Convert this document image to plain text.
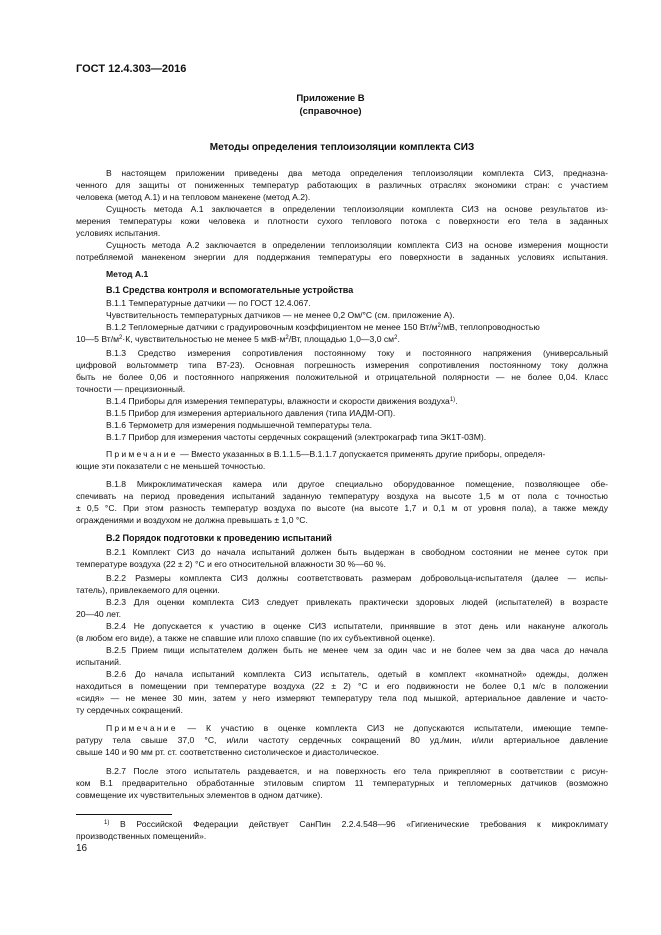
ГОСТ 12.4.303—2016
Приложение В
(справочное)
Методы определения теплоизоляции комплекта СИЗ
В настоящем приложении приведены два метода определения теплоизоляции комплекта СИЗ, предназна-
ченного для защиты от пониженных температур работающих в различных отраслях экономики стран: с участием
человека (метод А.1) и на тепловом манекене (метод А.2).
Сущность метода А.1 заключается в определении теплоизоляции комплекта СИЗ на основе результатов из-
мерения температуры кожи человека и плотности сухого теплового потока с поверхности его тела в заданных
условиях испытания.
Сущность метода А.2 заключается в определении теплоизоляции комплекта СИЗ на основе измерения мощности
потребляемой манекеном энергии для поддержания температуры его поверхности в заданных условиях испытания.
Метод А.1
В.1 Средства контроля и вспомогательные устройства
В.1.1 Температурные датчики — по ГОСТ 12.4.067.
Чувствительность температурных датчиков — не менее 0,2 Ом/°С (см. приложение А).
В.1.2 Тепломерные датчики с градуировочным коэффициентом не менее 150 $Вт/м^2/мВ$, теплопроводностью
10—5 $Вт/м^2\cdot К$, чувствительностью не менее 5 $мкВ\cdot м^2/Вт$, площадью 1,0—3,0 $см^2$.
В.1.3 Средство измерения сопротивления постоянному току и постоянного напряжения (универсальный
цифровой вольтомметр типа В7-23). Основная погрешность измерения сопротивления постоянному току должна
быть не более 0,06 и постоянного напряжения положительной и отрицательной полярности — не более 0,04. Класс
точности — прецизионный.
В.1.4 Приборы для измерения температуры, влажности и скорости движения воздуха$^{1)}$.
В.1.5 Прибор для измерения артериального давления (типа ИАДМ-ОП).
В.1.6 Термометр для измерения подмышечной температуры тела.
В.1.7 Прибор для измерения частоты сердечных сокращений (электрокаграф типа ЭК1Т-03М).
Примечание — Вместо указанных в В.1.1.5—В.1.1.7 допускается применять другие приборы, определя-
ющие эти показатели с не меньшей точностью.
В.1.8 Микроклиматическая камера или другое специально оборудованное помещение, позволяющее обе-
спечивать на период проведения испытаний заданную температуру воздуха на высоте 1,5 м от пола с точностью
± 0,5 °С. При этом разность температур воздуха по высоте (на высоте 1,7 и 0,1 м от уровня пола), а также между
ограждениями и воздухом не должна превышать ± 1,0 °С.
В.2 Порядок подготовки к проведению испытаний
В.2.1 Комплект СИЗ до начала испытаний должен быть выдержан в свободном состоянии не менее суток при
температуре воздуха (22 ± 2) °С и его относительной влажности 30 %—60 %.
В.2.2 Размеры комплекта СИЗ должны соответствовать размерам добровольца-испытателя (далее — испы-
татель), привлекаемого для оценки.
В.2.3 Для оценки комплекта СИЗ следует привлекать практически здоровых людей (испытателей) в возрасте
20—40 лет.
В.2.4 Не допускается к участию в оценке СИЗ испытатели, принявшие в этот день или накануне алкоголь
(в любом его виде), а также не спавшие или плохо спавшие (по их субъективной оценке).
В.2.5 Прием пищи испытателем должен быть не менее чем за один час и не более чем за два часа до начала
испытаний.
В.2.6 До начала испытаний комплекта СИЗ испытатель, одетый в комплект «комнатной» одежды, должен
находиться в помещении при температуре воздуха (22 ± 2) °С и его подвижности не более 0,1 м/с в положении
«сидя» — не менее 30 мин, затем у него измеряют температуру тела под мышкой, артериальное давление и часто-
ту сердечных сокращений.
Примечание — К участию в оценке комплекта СИЗ не допускаются испытатели, имеющие темпе-
ратуру тела свыше 37,0 °С, и/или частоту сердечных сокращений 80 уд./мин, и/или артериальное давление
свыше 140 и 90 мм рт. ст. соответственно систолическое и диастолическое.
В.2.7 После этого испытатель раздевается, и на поверхность его тела прикрепляют в соответствии с рисун-
ком В.1 предварительно обработанные этиловым спиртом 11 температурных и тепломерных датчиков (возможно
совмещение их чувствительных элементов в одном датчике).
$^{1)}$ В Российской Федерации действует СанПин 2.2.4.548—96 «Гигиенические требования к микроклимату
производственных помещений».
16
